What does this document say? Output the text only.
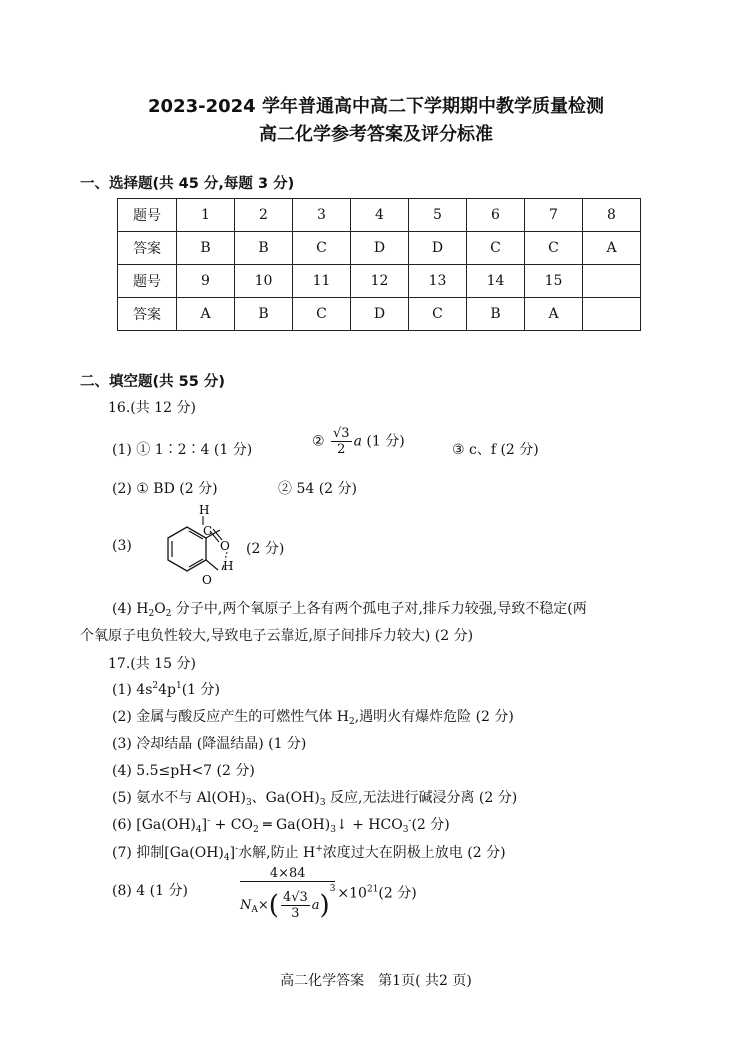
2023-2024 学年普通高中高二下学期期中教学质量检测
高二化学参考答案及评分标准
一、选择题(共 45 分,每题 3 分)
题号	1	2	3	4	5	6	7	8
答案	B	B	C	D	D	C	C	A
题号	9	10	11	12	13	14	15	
答案	A	B	C	D	C	B	A	
二、填空题(共 55 分)
16.(共 12 分)
(1) ① 1∶2∶4 (1 分)
② $\frac{√3}{2}$ a (1 分)
③ c、f (2 分)
(2) ① BD (2 分)	② 54 (2 分)
(3)
H
C
O
H
O
(2 分)
(4) $H_2O_2$ 分子中,两个氧原子上各有两个孤电子对,排斥力较强,导致不稳定(两
个氧原子电负性较大,导致电子云靠近,原子间排斥力较大) (2 分)
17.(共 15 分)
(1) $4s^24p^1(1$ 分)
(2) 金属与酸反应产生的可燃性气体 $H_2$,遇明火有爆炸危险 (2 分)
(3) 冷却结晶 (降温结晶) (1 分)
(4) 5.5≤pH<7 (2 分)
(5) 氨水不与 $Al(OH)_3$、$Ga(OH)_3$ 反应,无法进行碱浸分离 (2 分)
(6) $[Ga(OH)_4]^- + CO_2$ ═ $Ga(OH)_3↓ + HCO_3^-(2$ 分)
(7) 抑制$[Ga(OH)_4]^-$水解,防止 H+浓度过大在阴极上放电 (2 分)
(8) 4 (1 分)	$\frac{4\times 84}{N_A\times( \frac{4√3}{3} a)^3} \times 10^{21}(2$ 分)
高二化学答案　第1页( 共2 页)
